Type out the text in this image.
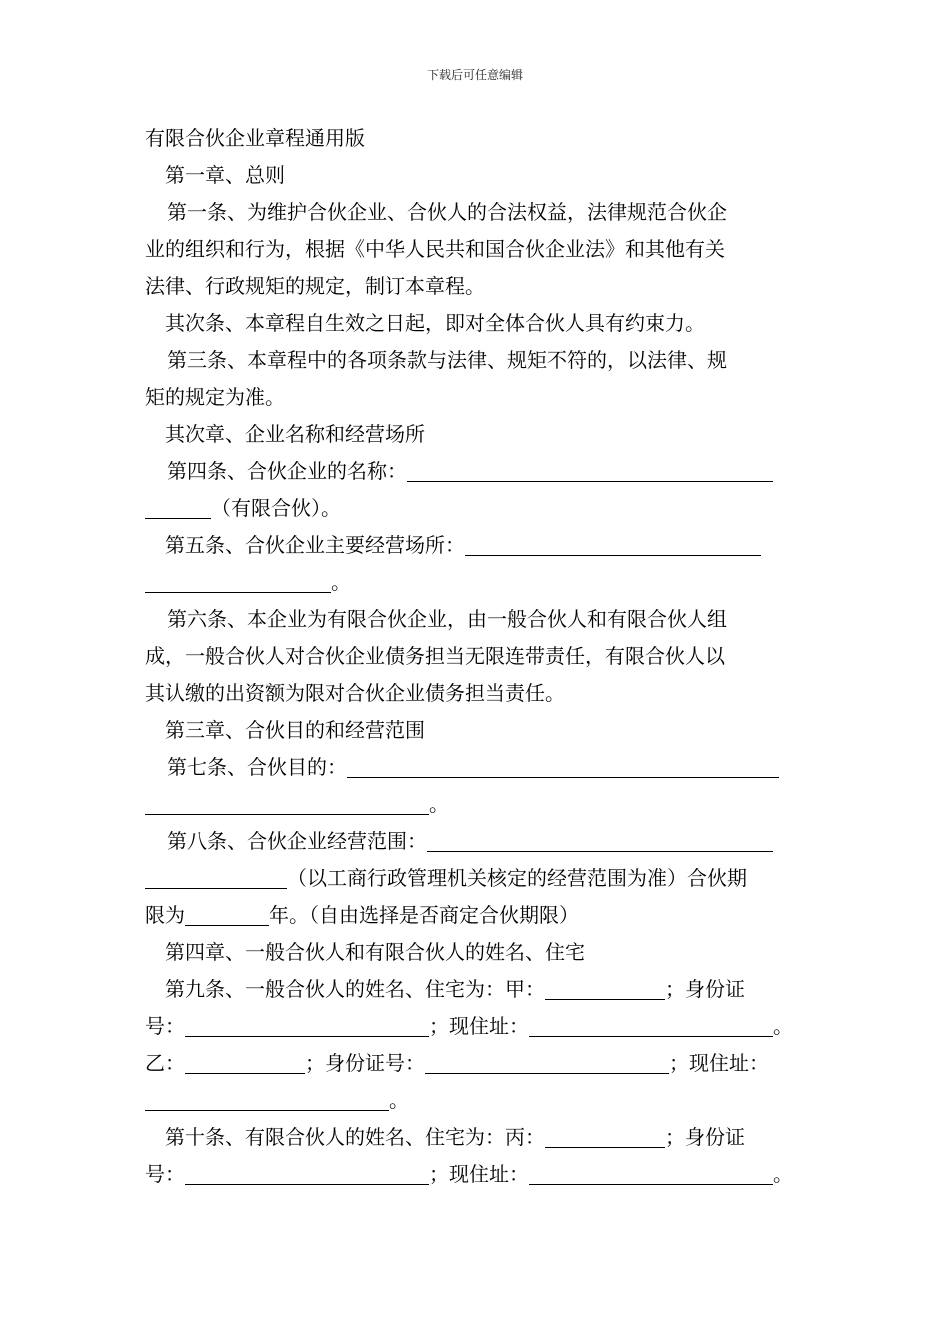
下载后可任意编辑

有限合伙企业章程通用版

第一章、总则

第一条、为维护合伙企业、合伙人的合法权益，法律规范合伙企

业的组织和行为，根据《中华人民共和国合伙企业法》和其他有关

法律、行政规矩的规定，制订本章程。

其次条、本章程自生效之日起，即对全体合伙人具有约束力。

第三条、本章程中的各项条款与法律、规矩不符的，以法律、规

矩的规定为准。

其次章、企业名称和经营场所

第四条、合伙企业的名称：

（有限合伙）。

第五条、合伙企业主要经营场所：

。

第六条、本企业为有限合伙企业，由一般合伙人和有限合伙人组

成，一般合伙人对合伙企业债务担当无限连带责任，有限合伙人以

其认缴的出资额为限对合伙企业债务担当责任。

第三章、合伙目的和经营范围

第七条、合伙目的：

。

第八条、合伙企业经营范围：

（以工商行政管理机关核定的经营范围为准）合伙期

限为	年。（自由选择是否商定合伙期限）

第四章、一般合伙人和有限合伙人的姓名、住宅

第九条、一般合伙人的姓名、住宅为：甲：	；身份证

号：	；现住址：	。

乙：	；身份证号：	；现住址：

。

第十条、有限合伙人的姓名、住宅为：丙：	；身份证

号：	；现住址：	。
